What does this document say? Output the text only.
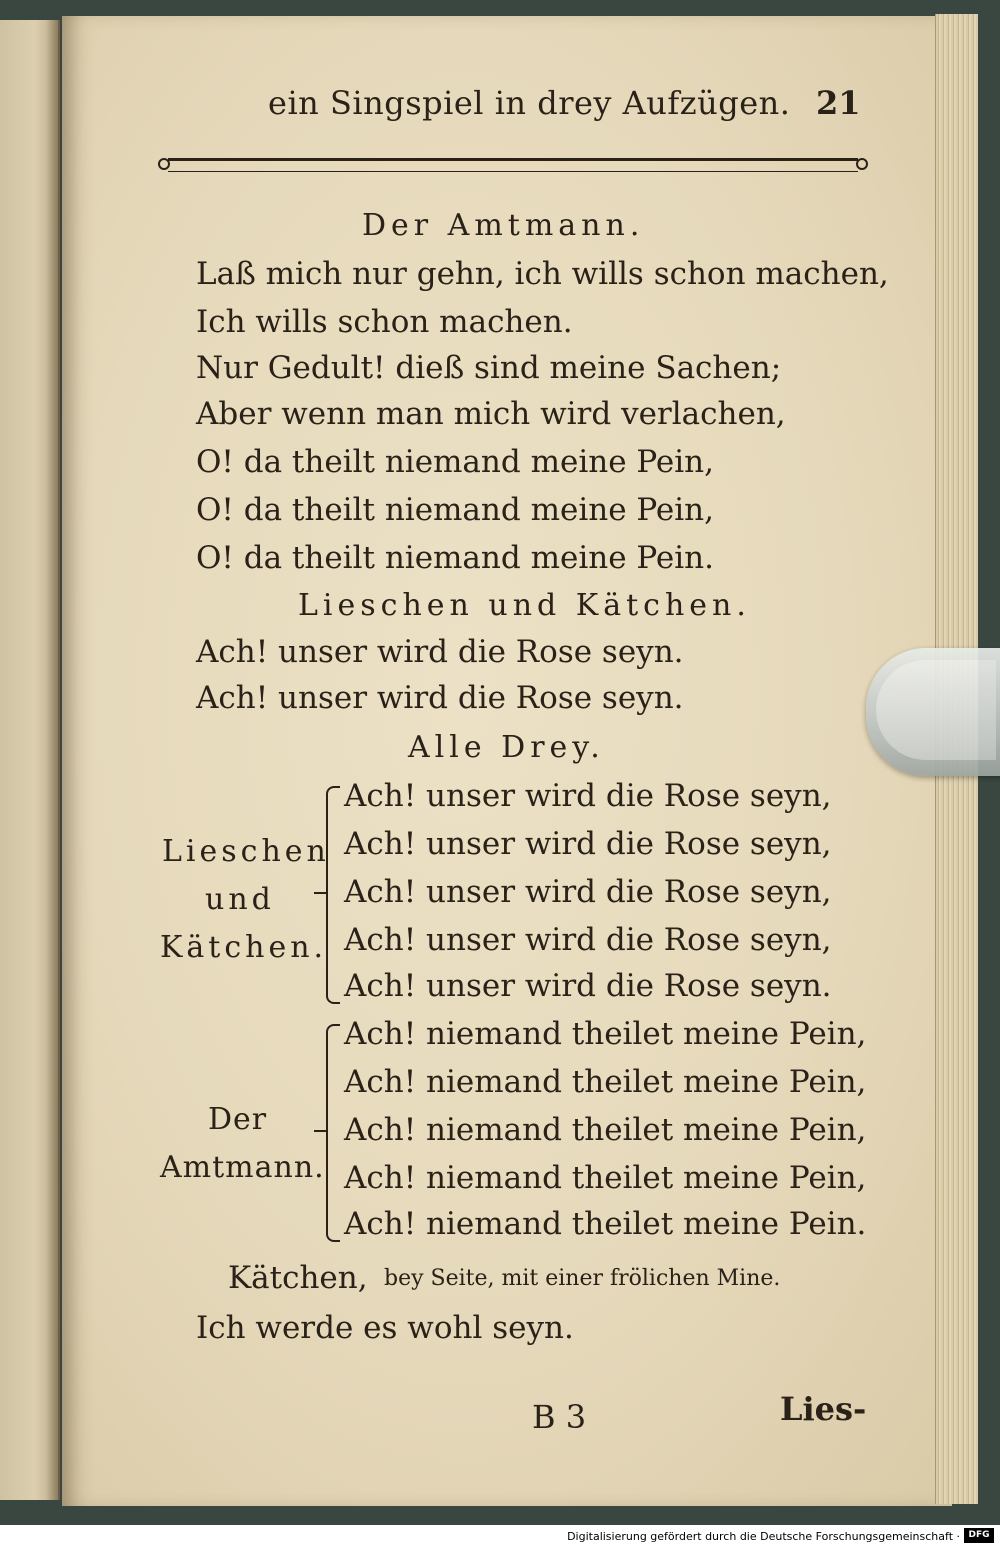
ein Singspiel in drey Aufzügen. 21
Der Amtmann.
Laß mich nur gehn, ich wills schon machen,
Ich wills schon machen.
Nur Gedult! dieß sind meine Sachen;
Aber wenn man mich wird verlachen,
O! da theilt niemand meine Pein,
O! da theilt niemand meine Pein,
O! da theilt niemand meine Pein.
Lieschen und Kätchen.
Ach! unser wird die Rose seyn.
Ach! unser wird die Rose seyn.
Alle Drey.
Lieschen
und
Kätchen.
Ach! unser wird die Rose seyn,
Ach! unser wird die Rose seyn,
Ach! unser wird die Rose seyn,
Ach! unser wird die Rose seyn,
Ach! unser wird die Rose seyn.
Der
Amtmann.
Ach! niemand theilet meine Pein,
Ach! niemand theilet meine Pein,
Ach! niemand theilet meine Pein,
Ach! niemand theilet meine Pein,
Ach! niemand theilet meine Pein.
Kätchen, bey Seite, mit einer frölichen Mine.
Ich werde es wohl seyn.
B 3	Lies-
Digitalisierung gefördert durch die Deutsche Forschungsgemeinschaft · DFG
